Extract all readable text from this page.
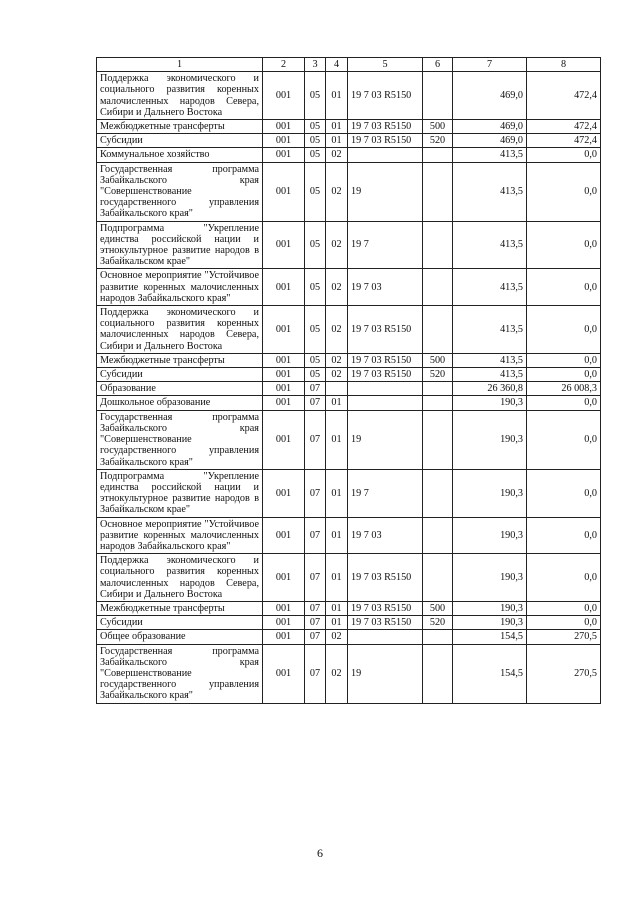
1	2	3	4	5	6	7	8
Поддержка экономического и социального развития коренных малочисленных народов Севера, Сибири и Дальнего Востока	001	05	01	19 7 03 R5150		469,0	472,4
Межбюджетные трансферты	001	05	01	19 7 03 R5150	500	469,0	472,4
Субсидии	001	05	01	19 7 03 R5150	520	469,0	472,4
Коммунальное хозяйство	001	05	02			413,5	0,0
Государственная программа Забайкальского края "Совершенствование государственного управления Забайкальского края"	001	05	02	19		413,5	0,0
Подпрограмма "Укрепление единства российской нации и этнокультурное развитие народов в Забайкальском крае"	001	05	02	19 7		413,5	0,0
Основное мероприятие "Устойчивое развитие коренных малочисленных народов Забайкальского края"	001	05	02	19 7 03		413,5	0,0
Поддержка экономического и социального развития коренных малочисленных народов Севера, Сибири и Дальнего Востока	001	05	02	19 7 03 R5150		413,5	0,0
Межбюджетные трансферты	001	05	02	19 7 03 R5150	500	413,5	0,0
Субсидии	001	05	02	19 7 03 R5150	520	413,5	0,0
Образование	001	07				26 360,8	26 008,3
Дошкольное образование	001	07	01			190,3	0,0
Государственная программа Забайкальского края "Совершенствование государственного управления Забайкальского края"	001	07	01	19		190,3	0,0
Подпрограмма "Укрепление единства российской нации и этнокультурное развитие народов в Забайкальском крае"	001	07	01	19 7		190,3	0,0
Основное мероприятие "Устойчивое развитие коренных малочисленных народов Забайкальского края"	001	07	01	19 7 03		190,3	0,0
Поддержка экономического и социального развития коренных малочисленных народов Севера, Сибири и Дальнего Востока	001	07	01	19 7 03 R5150		190,3	0,0
Межбюджетные трансферты	001	07	01	19 7 03 R5150	500	190,3	0,0
Субсидии	001	07	01	19 7 03 R5150	520	190,3	0,0
Общее образование	001	07	02			154,5	270,5
Государственная программа Забайкальского края "Совершенствование государственного управления Забайкальского края"	001	07	02	19		154,5	270,5
6
